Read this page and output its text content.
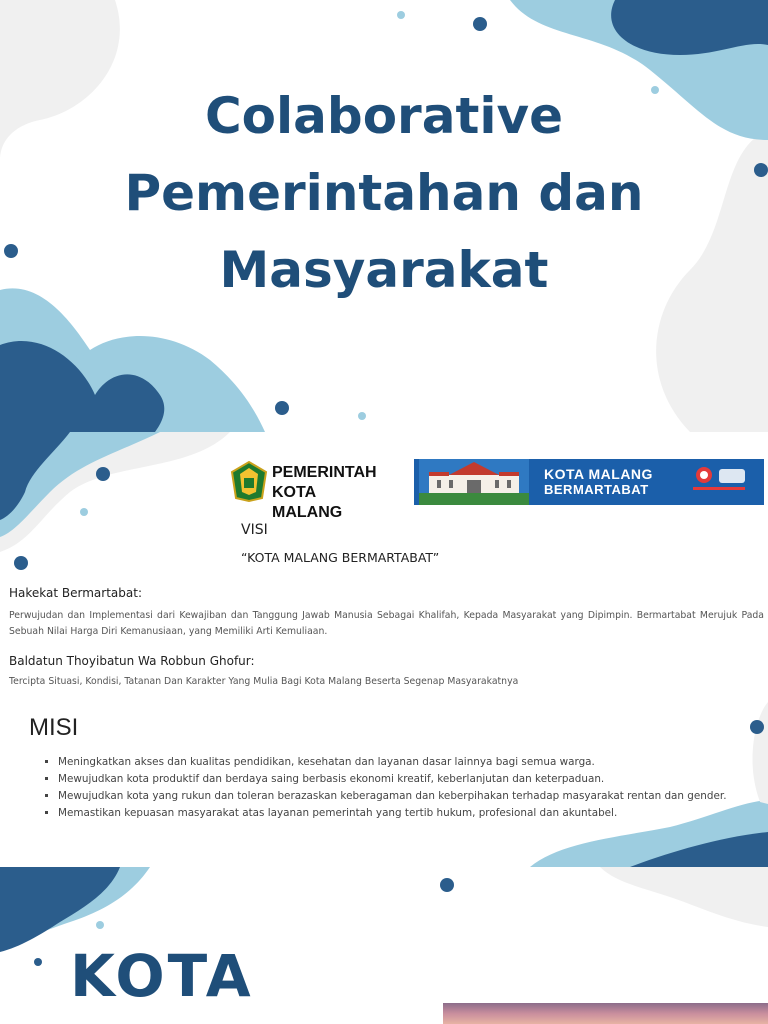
Colaborative
Pemerintahan dan
Masyarakat
PEMERINTAH
KOTA MALANG
KOTA MALANG
BERMARTABAT
VISI
“KOTA MALANG BERMARTABAT”
Hakekat Bermartabat:
Perwujudan dan Implementasi dari Kewajiban dan Tanggung Jawab Manusia Sebagai Khalifah, Kepada Masyarakat yang Dipimpin. Bermartabat Merujuk Pada Sebuah Nilai Harga Diri Kemanusiaan, yang Memiliki Arti Kemuliaan.
Baldatun Thoyibatun Wa Robbun Ghofur:
Tercipta Situasi, Kondisi, Tatanan Dan Karakter Yang Mulia Bagi Kota Malang Beserta Segenap Masyarakatnya
MISI
▪ Meningkatkan akses dan kualitas pendidikan, kesehatan dan layanan dasar lainnya bagi semua warga.
▪ Mewujudkan kota produktif dan berdaya saing berbasis ekonomi kreatif, keberlanjutan dan keterpaduan.
▪ Mewujudkan kota yang rukun dan toleran berazaskan keberagaman dan keberpihakan terhadap masyarakat rentan dan gender.
▪ Memastikan kepuasan masyarakat atas layanan pemerintah yang tertib hukum, profesional dan akuntabel.
KOTA
